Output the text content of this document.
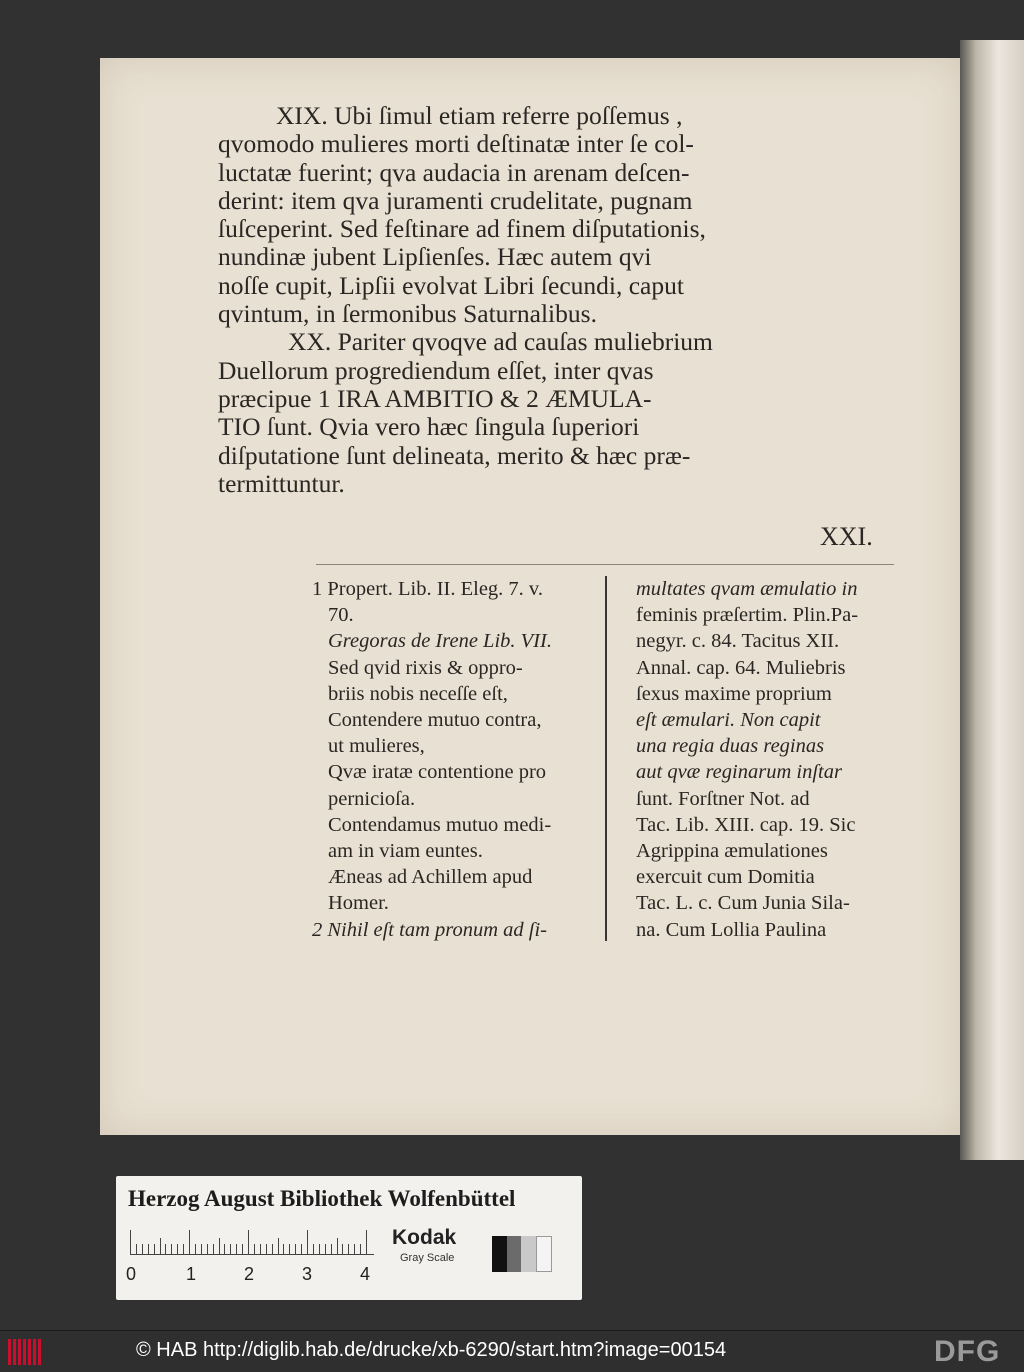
XIX. Ubi ſimul etiam referre poſſemus ,
qvomodo mulieres morti deſtinatæ inter ſe col-
luctatæ fuerint; qva audacia in arenam deſcen-
derint: item qva juramenti crudelitate, pugnam
ſuſceperint. Sed feſtinare ad finem diſputationis,
nundinæ jubent Lipſienſes. Hæc autem qvi
noſſe cupit, Lipſii evolvat Libri ſecundi, caput
qvintum, in ſermonibus Saturnalibus.
XX. Pariter qvoqve ad cauſas muliebrium
Duellorum progrediendum eſſet, inter qvas
præcipue 1 IRA AMBITIO & 2 ÆMULA-
TIO ſunt. Qvia vero hæc ſingula ſuperiori
diſputatione ſunt delineata, merito & hæc præ-
termittuntur.
XXI.
1 Propert. Lib. II. Eleg. 7. v.
70.
Gregoras de Irene Lib. VII.
Sed qvid rixis & oppro-
briis nobis neceſſe eſt,
Contendere mutuo contra,
ut mulieres,
Qvæ iratæ contentione pro
pernicioſa.
Contendamus mutuo medi-
am in viam euntes.
Æneas ad Achillem apud
Homer.
2 Nihil eſt tam pronum ad ſi-
multates qvam æmulatio in
feminis præſertim. Plin.Pa-
negyr. c. 84. Tacitus XII.
Annal. cap. 64. Muliebris
ſexus maxime proprium
eſt æmulari. Non capit
una regia duas reginas
aut qvæ reginarum inſtar
ſunt. Forſtner Not. ad
Tac. Lib. XIII. cap. 19. Sic
Agrippina æmulationes
exercuit cum Domitia
Tac. L. c. Cum Junia Sila-
na. Cum Lollia Paulina
Herzog August Bibliothek Wolfenbüttel
0	1	2	3	4
Kodak
Gray Scale
© HAB http://diglib.hab.de/drucke/xb-6290/start.htm?image=00154	DFG
